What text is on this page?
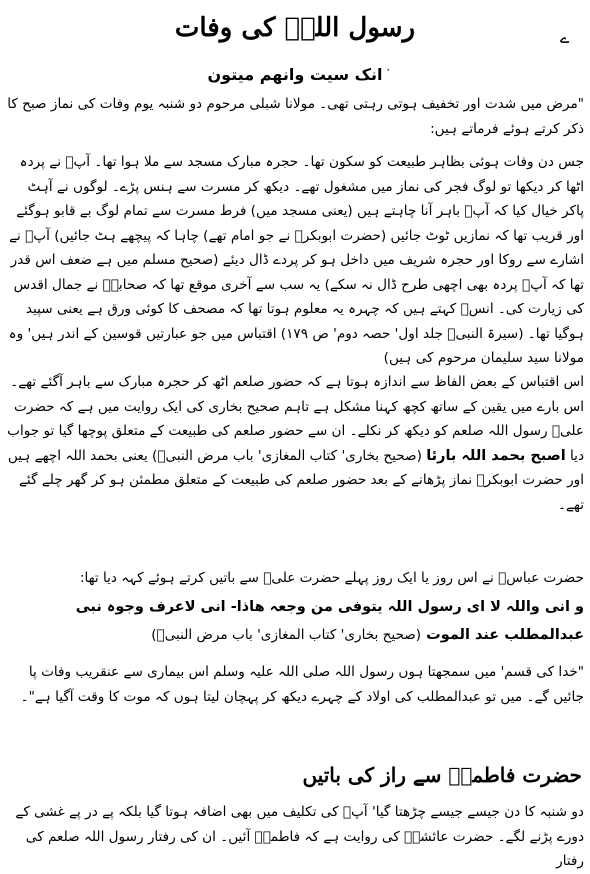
رسول اللہؐ کی وفات	ے
۰
انک سیت وانھم میتون

"مرض میں شدت اور تخفیف ہوتی رہتی تھی۔ مولانا شبلی مرحوم دو شنبہ یوم وفات کی نماز صبح کا ذکر کرتے ہوئے فرماتے ہیں:

جس دن وفات ہوئی بظاہر طبیعت کو سکون تھا۔ حجرہ مبارک مسجد سے ملا ہوا تھا۔ آپؐ نے پردہ اٹھا کر دیکھا تو لوگ فجر کی نماز میں مشغول تھے۔ دیکھ کر مسرت سے ہنس پڑے۔ لوگوں نے آہٹ پاکر خیال کیا کہ آپؐ باہر آنا چاہتے ہیں (یعنی مسجد میں) فرط مسرت سے تمام لوگ بے قابو ہوگئے اور قریب تھا کہ نمازیں ٹوٹ جائیں (حضرت ابوبکرؓ نے جو امام تھے) چاہا کہ پیچھے ہٹ جائیں) آپؐ نے اشارے سے روکا اور حجرہ شریف میں داخل ہو کر پردے ڈال دیئے (صحیح مسلم میں ہے ضعف اس قدر تھا کہ آپؐ پردہ بھی اچھی طرح ڈال نہ سکے) یہ سب سے آخری موقع تھا کہ صحابہؓ نے جمال اقدس کی زیارت کی۔ انسؓ کہتے ہیں کہ چہرہ یہ معلوم ہوتا تھا کہ مصحف کا کوئی ورق ہے یعنی سپید ہوگیا تھا۔ (سیرۃ النبیؐ جلد اول' حصہ دوم' ص ۱۷۹) اقتباس میں جو عبارتیں قوسین کے اندر ہیں' وہ مولانا سید سلیمان مرحوم کی ہیں)

اس اقتباس کے بعض الفاظ سے اندازہ ہوتا ہے کہ حضور صلعم اٹھ کر حجرہ مبارک سے باہر آگئے تھے۔ اس بارے میں یقین کے ساتھ کچھ کہنا مشکل ہے تاہم صحیح بخاری کی ایک روایت میں ہے کہ حضرت علیؓ رسول اللہ صلعم کو دیکھ کر نکلے۔ ان سے حضور صلعم کی طبیعت کے متعلق پوچھا گیا تو جواب دیا اصبح بحمد اللہ بارئا (صحیح بخاری' کتاب المغازی' باب مرض النبیؐ) یعنی بحمد اللہ اچھے ہیں اور حضرت ابوبکرؓ نماز پڑھانے کے بعد حضور صلعم کی طبیعت کے متعلق مطمئن ہو کر گھر چلے گئے تھے۔

حضرت عباسؓ نے اس روز یا ایک روز پہلے حضرت علیؓ سے باتیں کرتے ہوئے کہہ دیا تھا:

و انی واللہ لا ای رسول اللہ یتوفی من وجعہ ھاذا- انی لاعرف وجوہ نبی
عبدالمطلب عند الموت (صحیح بخاری' کتاب المغازی' باب مرض النبیؐ)

"خدا کی قسم' میں سمجھتا ہوں رسول اللہ صلی اللہ علیہ وسلم اس بیماری سے عنقریب وفات پا جائیں گے۔ میں تو عبدالمطلب کی اولاد کے چہرے دیکھ کر پہچان لیتا ہوں کہ موت کا وقت آگیا ہے"۔

حضرت فاطمہؓ سے راز کی باتیں

دو شنبہ کا دن جیسے جیسے چڑھتا گیا' آپؐ کی تکلیف میں بھی اضافہ ہوتا گیا بلکہ پے در پے غشی کے دورے پڑنے لگے۔ حضرت عائشہؓ کی روایت ہے کہ فاطمہؓ آئیں۔ ان کی رفتار رسول اللہ صلعم کی رفتار
